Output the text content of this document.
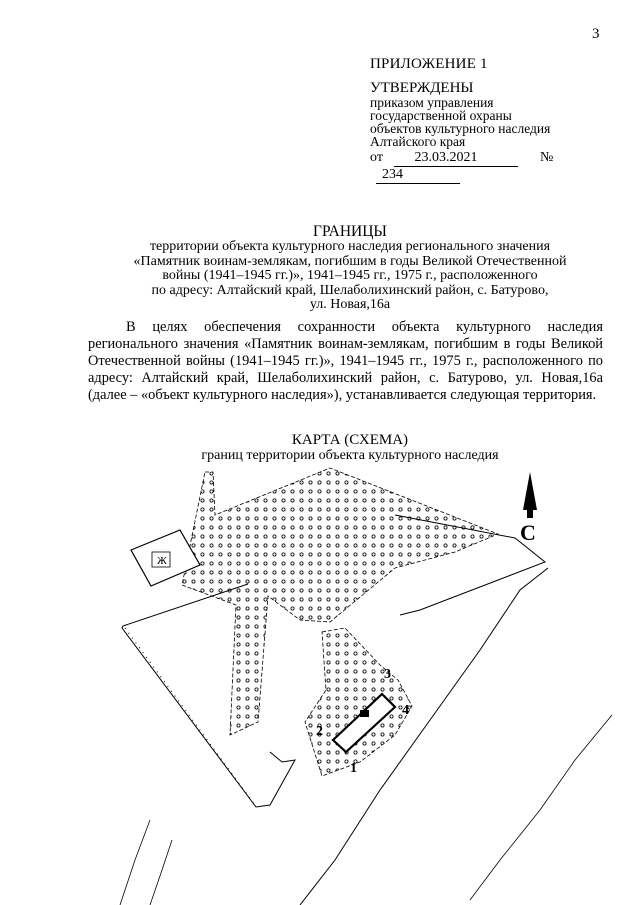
3
ПРИЛОЖЕНИЕ 1
УТВЕРЖДЕНЫ
приказом управления
государственной охраны
объектов культурного наследия
Алтайского края
от 23.03.2021	№ 234
ГРАНИЦЫ
территории объекта культурного наследия регионального значения
«Памятник воинам-землякам, погибшим в годы Великой Отечественной
войны (1941–1945 гг.)», 1941–1945 гг., 1975 г., расположенного
по адресу: Алтайский край, Шелаболихинский район, с. Батурово,
ул. Новая,16а

В целях обеспечения сохранности объекта культурного наследия регионального значения «Памятник воинам-землякам, погибшим в годы Великой Отечественной войны (1941–1945 гг.)», 1941–1945 гг., 1975 г., расположенного по адресу: Алтайский край, Шелаболихинский район, с. Батурово, ул. Новая,16а (далее – «объект культурного наследия»), устанавливается следующая территория.

КАРТА (СХЕМА)
границ территории объекта культурного наследия
Ж
1
2
3
4
С
